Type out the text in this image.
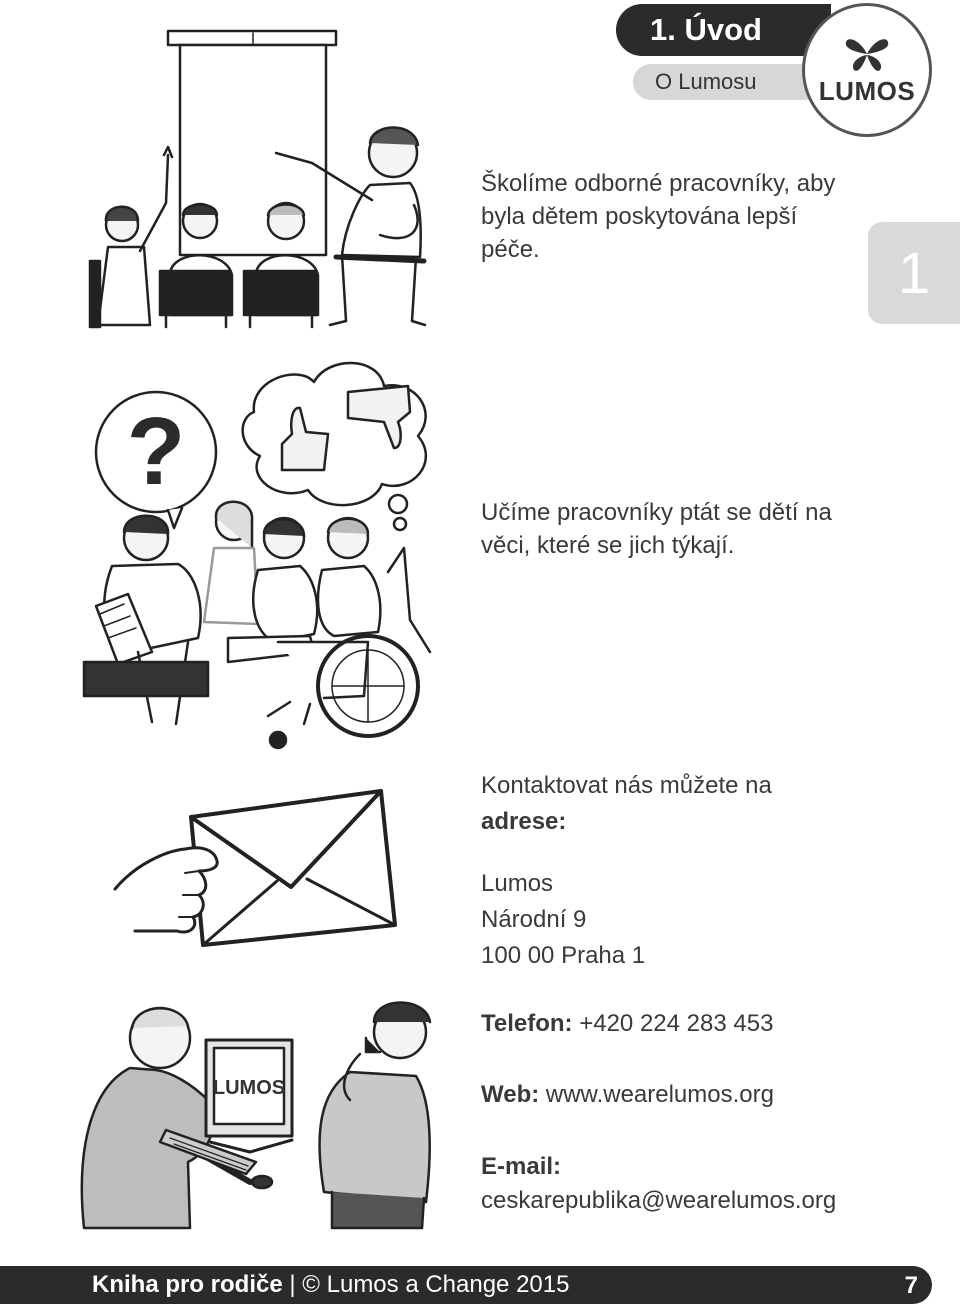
1. Úvod
O Lumosu LUMOS
1
?
LUMOS
Školíme odborné pracovníky, aby byla dětem poskytována lepší péče.
Učíme pracovníky ptát se dětí na věci, které se jich týkají.
Kontaktovat nás můžete na
adrese:
Lumos
Národní 9
100 00 Praha 1
Telefon: +420 224 283 453
Web: www.wearelumos.org
E-mail:
ceskarepublika@wearelumos.org
Kniha pro rodiče | © Lumos a Change 2015	7
